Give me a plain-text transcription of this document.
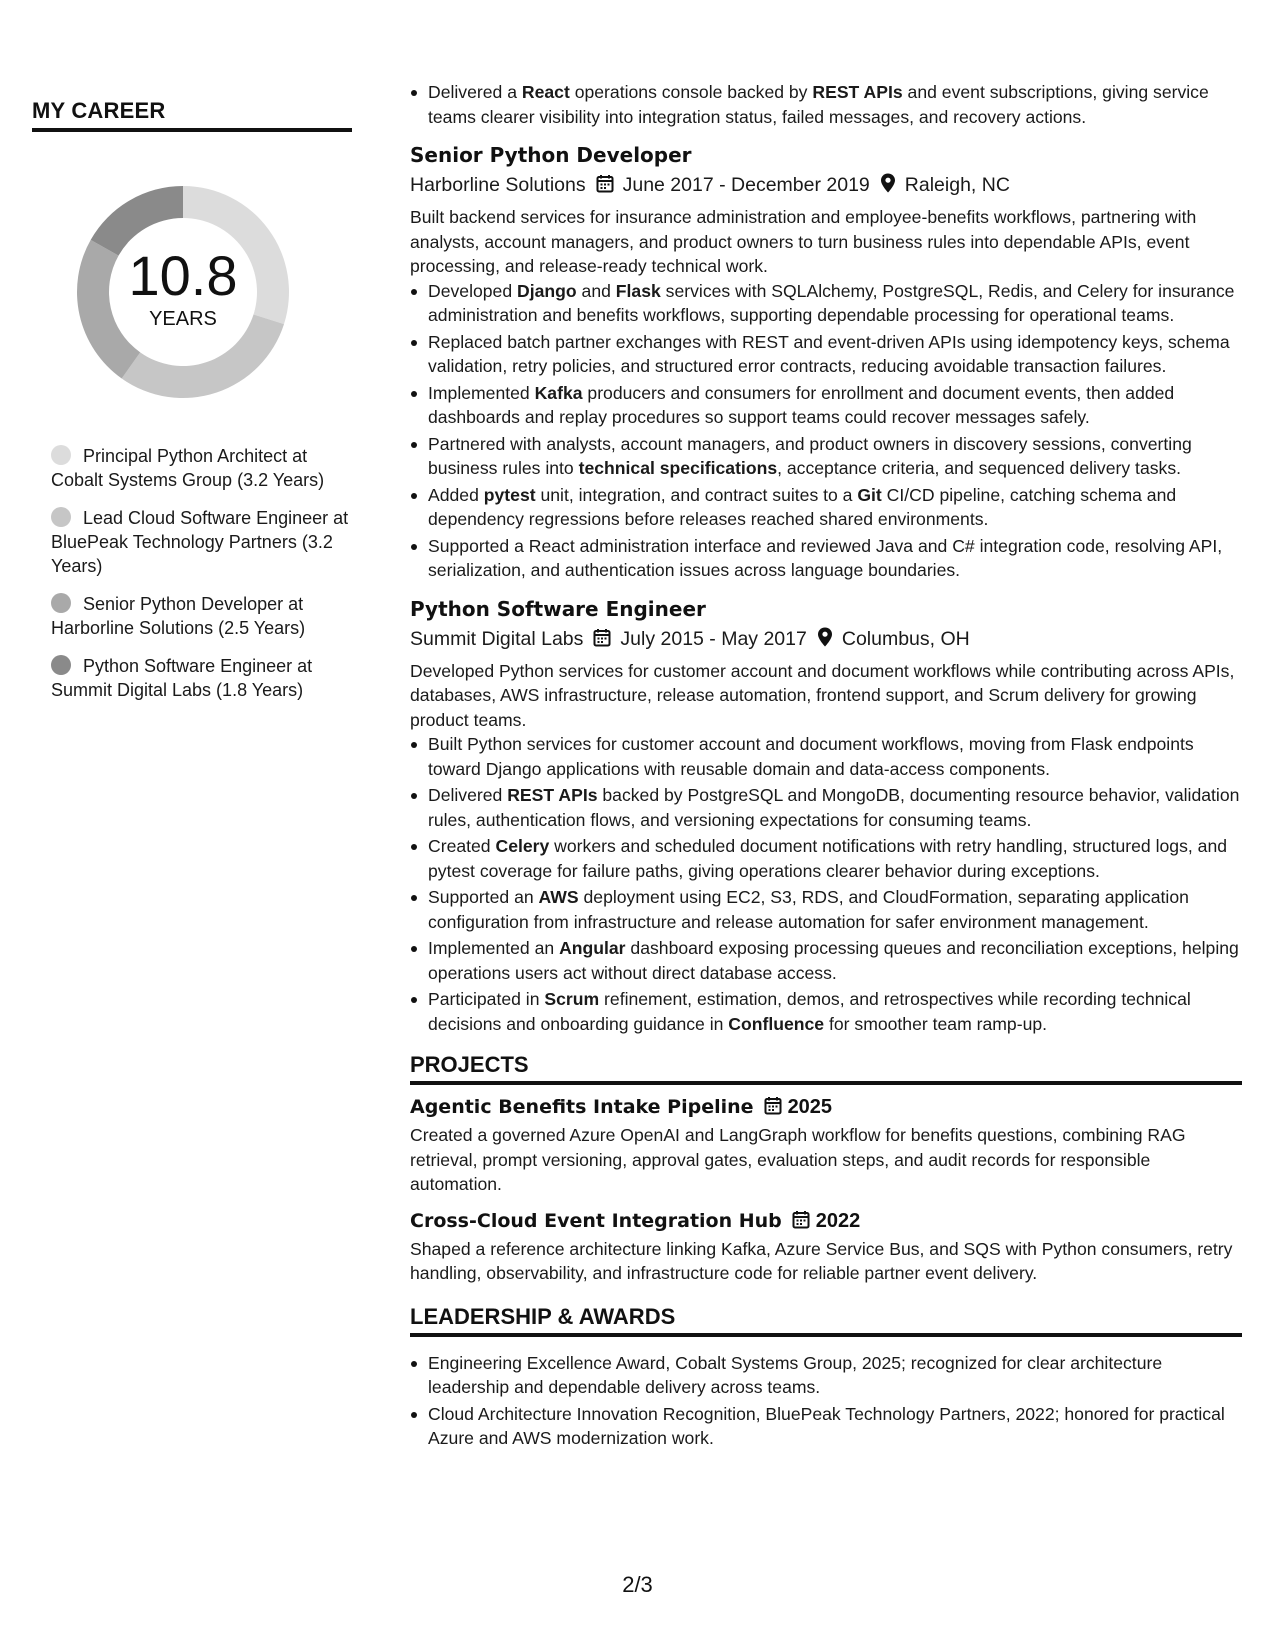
MY CAREER
10.8
YEARS
Principal Python Architect at Cobalt Systems Group (3.2 Years)
Lead Cloud Software Engineer at BluePeak Technology Partners (3.2 Years)
Senior Python Developer at Harborline Solutions (2.5 Years)
Python Software Engineer at Summit Digital Labs (1.8 Years)
Delivered a React operations console backed by REST APIs and event subscriptions, giving service teams clearer visibility into integration status, failed messages, and recovery actions.
Senior Python Developer
Harborline Solutions June 2017 - December 2019 Raleigh, NC
Built backend services for insurance administration and employee-benefits workflows, partnering with analysts, account managers, and product owners to turn business rules into dependable APIs, event processing, and release-ready technical work.
Developed Django and Flask services with SQLAlchemy, PostgreSQL, Redis, and Celery for insurance administration and benefits workflows, supporting dependable processing for operational teams.
Replaced batch partner exchanges with REST and event-driven APIs using idempotency keys, schema validation, retry policies, and structured error contracts, reducing avoidable transaction failures.
Implemented Kafka producers and consumers for enrollment and document events, then added dashboards and replay procedures so support teams could recover messages safely.
Partnered with analysts, account managers, and product owners in discovery sessions, converting business rules into technical specifications, acceptance criteria, and sequenced delivery tasks.
Added pytest unit, integration, and contract suites to a Git CI/CD pipeline, catching schema and dependency regressions before releases reached shared environments.
Supported a React administration interface and reviewed Java and C# integration code, resolving API, serialization, and authentication issues across language boundaries.
Python Software Engineer
Summit Digital Labs July 2015 - May 2017 Columbus, OH
Developed Python services for customer account and document workflows while contributing across APIs, databases, AWS infrastructure, release automation, frontend support, and Scrum delivery for growing product teams.
Built Python services for customer account and document workflows, moving from Flask endpoints toward Django applications with reusable domain and data-access components.
Delivered REST APIs backed by PostgreSQL and MongoDB, documenting resource behavior, validation rules, authentication flows, and versioning expectations for consuming teams.
Created Celery workers and scheduled document notifications with retry handling, structured logs, and pytest coverage for failure paths, giving operations clearer behavior during exceptions.
Supported an AWS deployment using EC2, S3, RDS, and CloudFormation, separating application configuration from infrastructure and release automation for safer environment management.
Implemented an Angular dashboard exposing processing queues and reconciliation exceptions, helping operations users act without direct database access.
Participated in Scrum refinement, estimation, demos, and retrospectives while recording technical decisions and onboarding guidance in Confluence for smoother team ramp-up.
PROJECTS
Agentic Benefits Intake Pipeline 2025
Created a governed Azure OpenAI and LangGraph workflow for benefits questions, combining RAG retrieval, prompt versioning, approval gates, evaluation steps, and audit records for responsible automation.
Cross-Cloud Event Integration Hub 2022
Shaped a reference architecture linking Kafka, Azure Service Bus, and SQS with Python consumers, retry handling, observability, and infrastructure code for reliable partner event delivery.
LEADERSHIP & AWARDS
Engineering Excellence Award, Cobalt Systems Group, 2025; recognized for clear architecture leadership and dependable delivery across teams.
Cloud Architecture Innovation Recognition, BluePeak Technology Partners, 2022; honored for practical Azure and AWS modernization work.
2/3
